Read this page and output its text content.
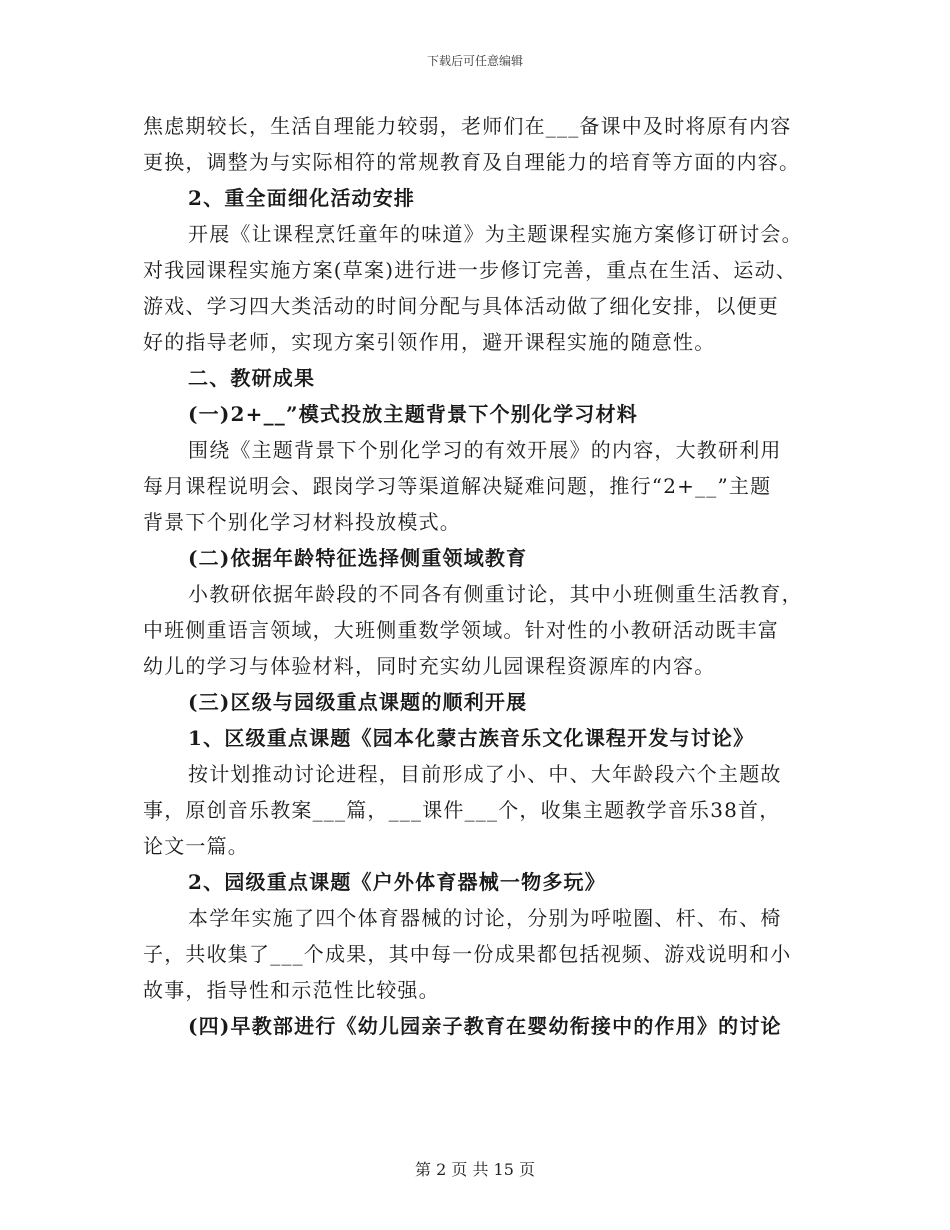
下载后可任意编辑
焦虑期较长，生活自理能力较弱，老师们在___备课中及时将原有内容
更换，调整为与实际相符的常规教育及自理能力的培育等方面的内容。
2、重全面细化活动安排
开展《让课程烹饪童年的味道》为主题课程实施方案修订研讨会。
对我园课程实施方案(草案)进行进一步修订完善，重点在生活、运动、
游戏、学习四大类活动的时间分配与具体活动做了细化安排，以便更
好的指导老师，实现方案引领作用，避开课程实施的随意性。
二、教研成果
(一)2+__”模式投放主题背景下个别化学习材料
围绕《主题背景下个别化学习的有效开展》的内容，大教研利用
每月课程说明会、跟岗学习等渠道解决疑难问题，推行“2+__”主题
背景下个别化学习材料投放模式。
(二)依据年龄特征选择侧重领域教育
小教研依据年龄段的不同各有侧重讨论，其中小班侧重生活教育，
中班侧重语言领域，大班侧重数学领域。针对性的小教研活动既丰富
幼儿的学习与体验材料，同时充实幼儿园课程资源库的内容。
(三)区级与园级重点课题的顺利开展
1、区级重点课题《园本化蒙古族音乐文化课程开发与讨论》
按计划推动讨论进程，目前形成了小、中、大年龄段六个主题故
事，原创音乐教案___篇，___课件___个，收集主题教学音乐38首，
论文一篇。
2、园级重点课题《户外体育器械一物多玩》
本学年实施了四个体育器械的讨论，分别为呼啦圈、杆、布、椅
子，共收集了___个成果，其中每一份成果都包括视频、游戏说明和小
故事，指导性和示范性比较强。
(四)早教部进行《幼儿园亲子教育在婴幼衔接中的作用》的讨论
第 2 页 共 15 页
